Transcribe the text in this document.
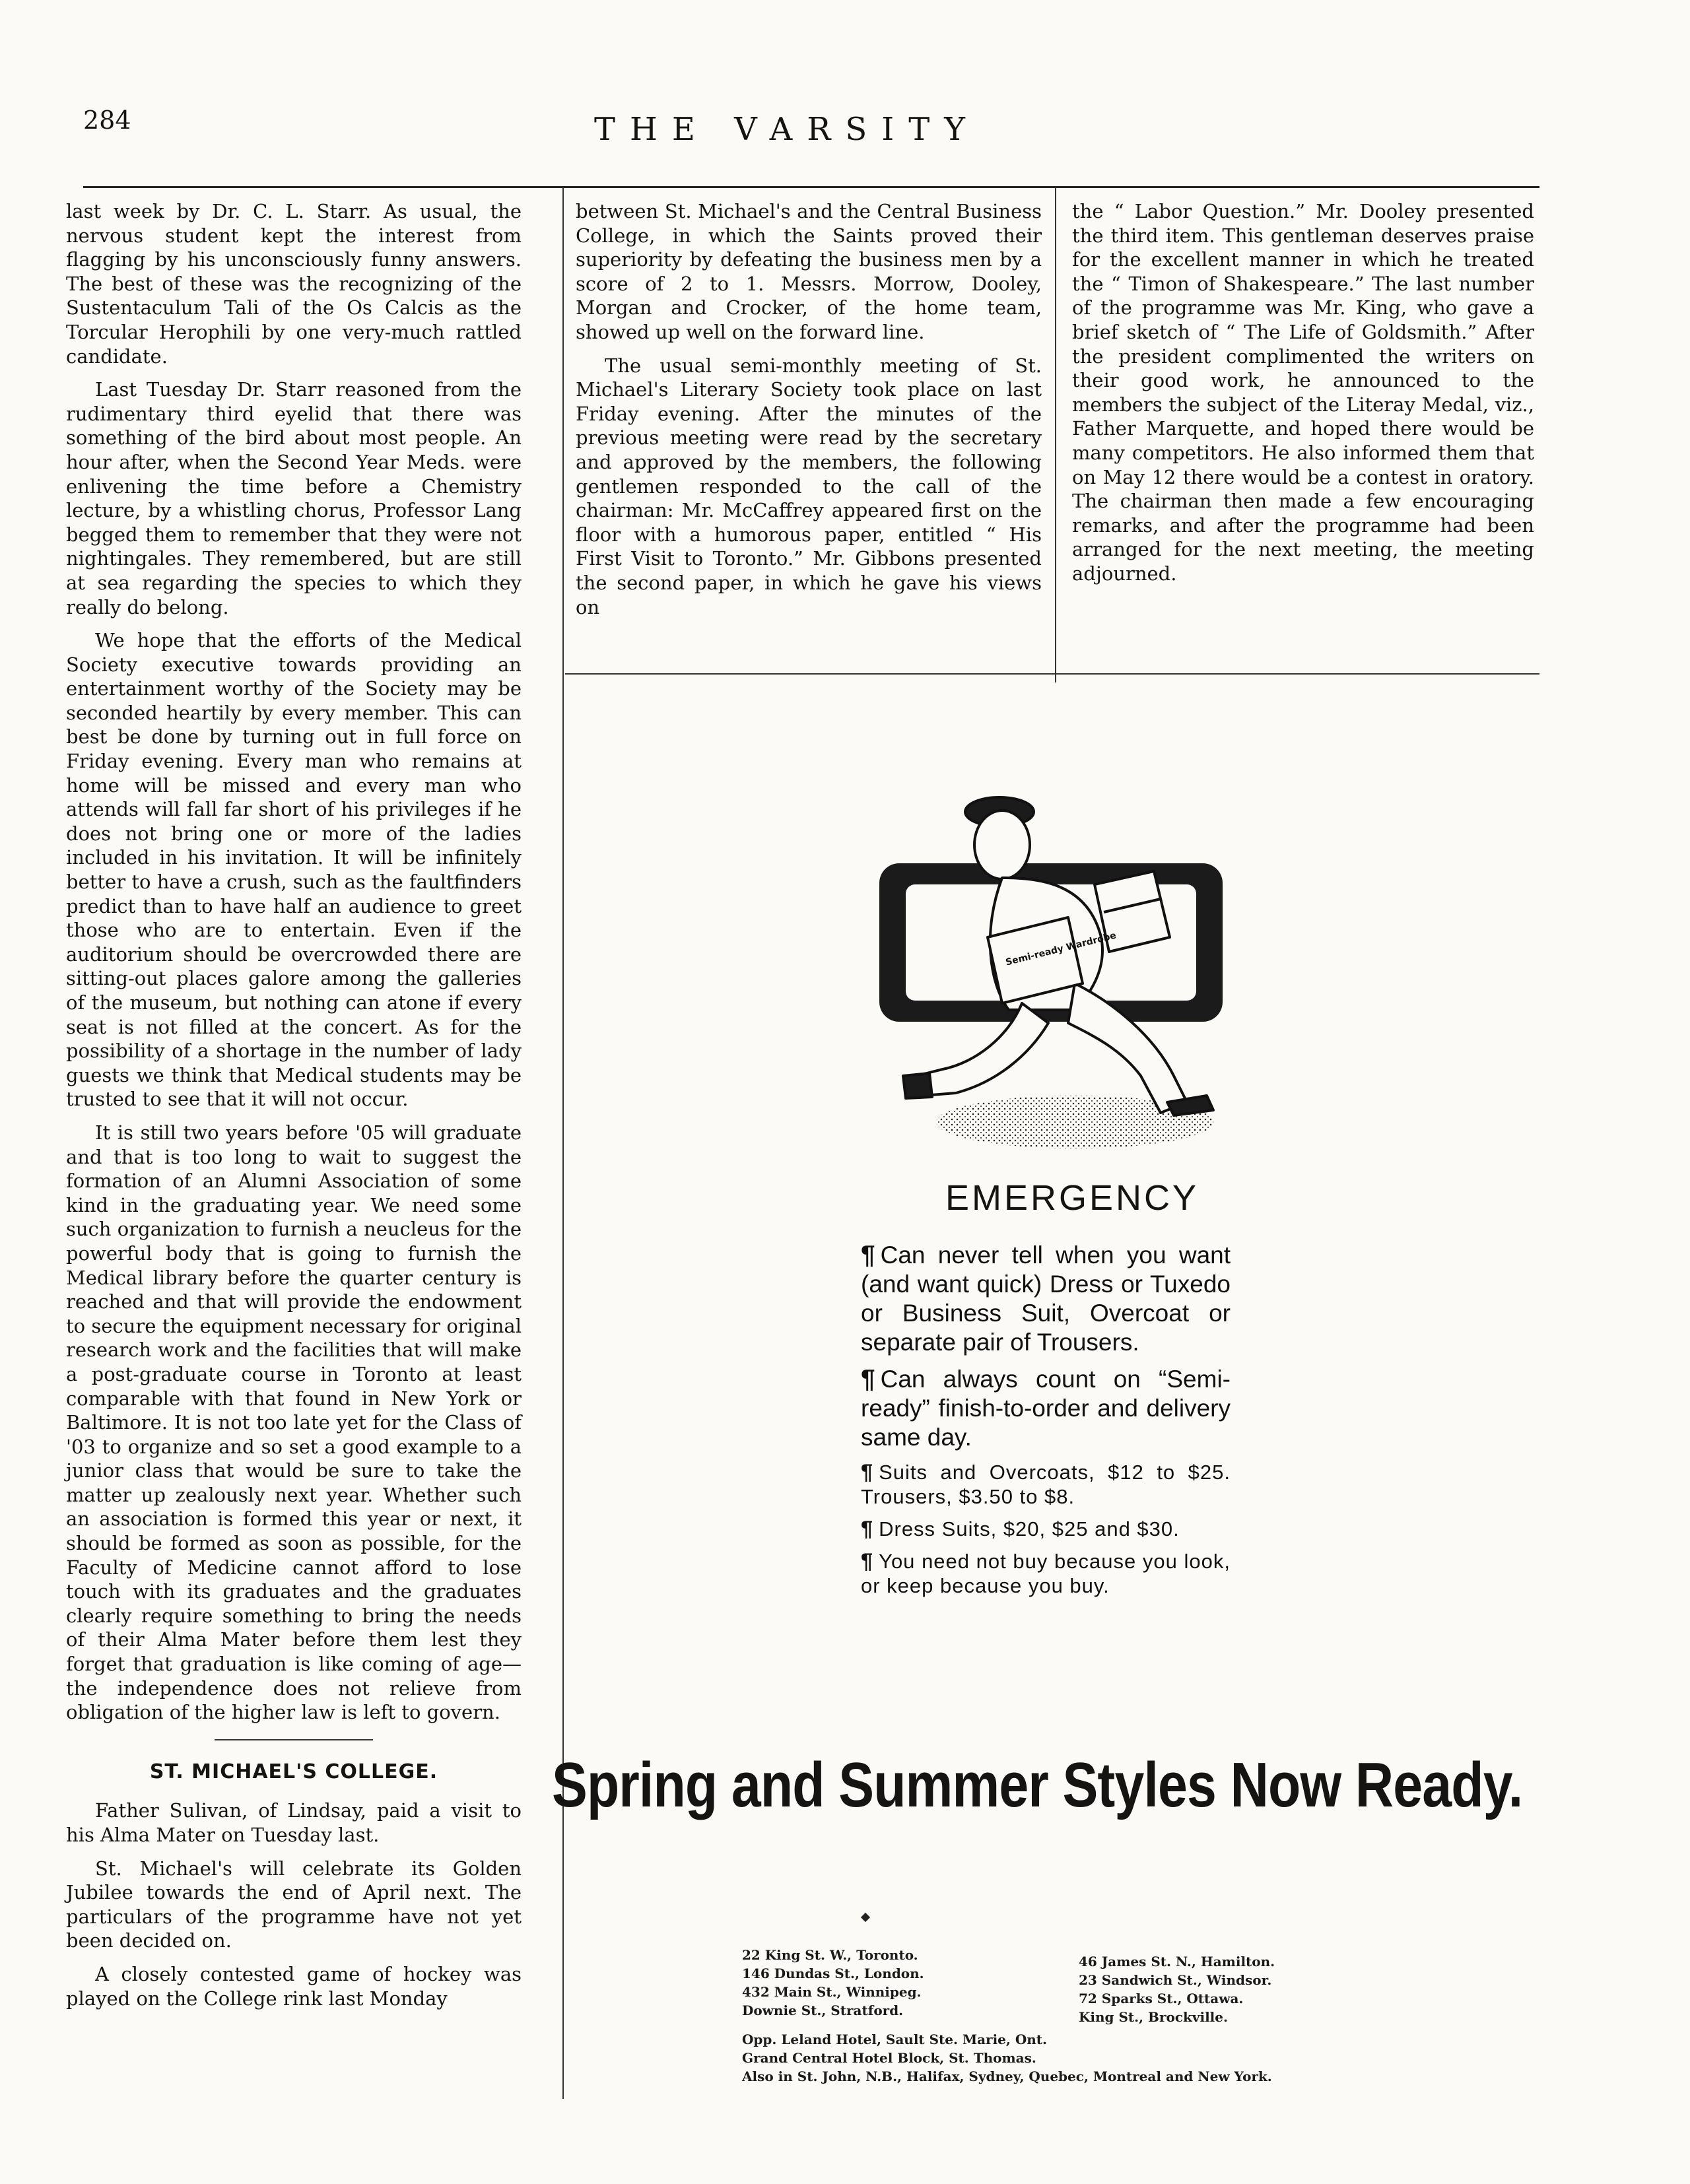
284	THE VARSITY

last week by Dr. C. L. Starr. As usual, the nervous student kept the interest from flagging by his unconsciously funny answers. The best of these was the recognizing of the Sustentaculum Tali of the Os Calcis as the Torcular Herophili by one very-much rattled candidate.

Last Tuesday Dr. Starr reasoned from the rudimentary third eyelid that there was something of the bird about most people. An hour after, when the Second Year Meds. were enlivening the time before a Chemistry lecture, by a whistling chorus, Professor Lang begged them to remember that they were not nightingales. They remembered, but are still at sea regarding the species to which they really do belong.

We hope that the efforts of the Medical Society executive towards providing an entertainment worthy of the Society may be seconded heartily by every member. This can best be done by turning out in full force on Friday evening. Every man who remains at home will be missed and every man who attends will fall far short of his privileges if he does not bring one or more of the ladies included in his invitation. It will be infinitely better to have a crush, such as the faultfinders predict than to have half an audience to greet those who are to entertain. Even if the auditorium should be overcrowded there are sitting-out places galore among the galleries of the museum, but nothing can atone if every seat is not filled at the concert. As for the possibility of a shortage in the number of lady guests we think that Medical students may be trusted to see that it will not occur.

It is still two years before '05 will graduate and that is too long to wait to suggest the formation of an Alumni Association of some kind in the graduating year. We need some such organization to furnish a neucleus for the powerful body that is going to furnish the Medical library before the quarter century is reached and that will provide the endowment to secure the equipment necessary for original research work and the facilities that will make a post-graduate course in Toronto at least comparable with that found in New York or Baltimore. It is not too late yet for the Class of '03 to organize and so set a good example to a junior class that would be sure to take the matter up zealously next year. Whether such an association is formed this year or next, it should be formed as soon as possible, for the Faculty of Medicine cannot afford to lose touch with its graduates and the graduates clearly require something to bring the needs of their Alma Mater before them lest they forget that graduation is like coming of age—the independence does not relieve from obligation of the higher law is left to govern.

ST. MICHAEL'S COLLEGE.

Father Sulivan, of Lindsay, paid a visit to his Alma Mater on Tuesday last.

St. Michael's will celebrate its Golden Jubilee towards the end of April next. The particulars of the programme have not yet been decided on.

A closely contested game of hockey was played on the College rink last Monday

between St. Michael's and the Central Business College, in which the Saints proved their superiority by defeating the business men by a score of 2 to 1. Messrs. Morrow, Dooley, Morgan and Crocker, of the home team, showed up well on the forward line.

The usual semi-monthly meeting of St. Michael's Literary Society took place on last Friday evening. After the minutes of the previous meeting were read by the secretary and approved by the members, the following gentlemen responded to the call of the chairman: Mr. McCaffrey appeared first on the floor with a humorous paper, entitled “ His First Visit to Toronto.” Mr. Gibbons presented the second paper, in which he gave his views on

the “ Labor Question.” Mr. Dooley presented the third item. This gentleman deserves praise for the excellent manner in which he treated the “ Timon of Shakespeare.” The last number of the programme was Mr. King, who gave a brief sketch of “ The Life of Goldsmith.” After the president complimented the writers on their good work, he announced to the members the subject of the Literay Medal, viz., Father Marquette, and hoped there would be many competitors. He also informed them that on May 12 there would be a contest in oratory. The chairman then made a few encouraging remarks, and after the programme had been arranged for the next meeting, the meeting adjourned.

Semi-ready Wardrobe
EMERGENCY

¶ Can never tell when you want (and want quick) Dress or Tuxedo or Business Suit, Overcoat or separate pair of Trousers.

¶ Can always count on “Semi-ready” finish-to-order and delivery same day.

¶ Suits and Overcoats, $12 to $25. Trousers, $3.50 to $8.

¶ Dress Suits, $20, $25 and $30.

¶ You need not buy because you look, or keep because you buy.

Spring and Summer Styles Now Ready.
22 King St. W., Toronto.
146 Dundas St., London.
432 Main St., Winnipeg.
Downie St., Stratford.
46 James St. N., Hamilton.
23 Sandwich St., Windsor.
72 Sparks St., Ottawa.
King St., Brockville.
Opp. Leland Hotel, Sault Ste. Marie, Ont.
Grand Central Hotel Block, St. Thomas.
Also in St. John, N.B., Halifax, Sydney, Quebec, Montreal and New York.
